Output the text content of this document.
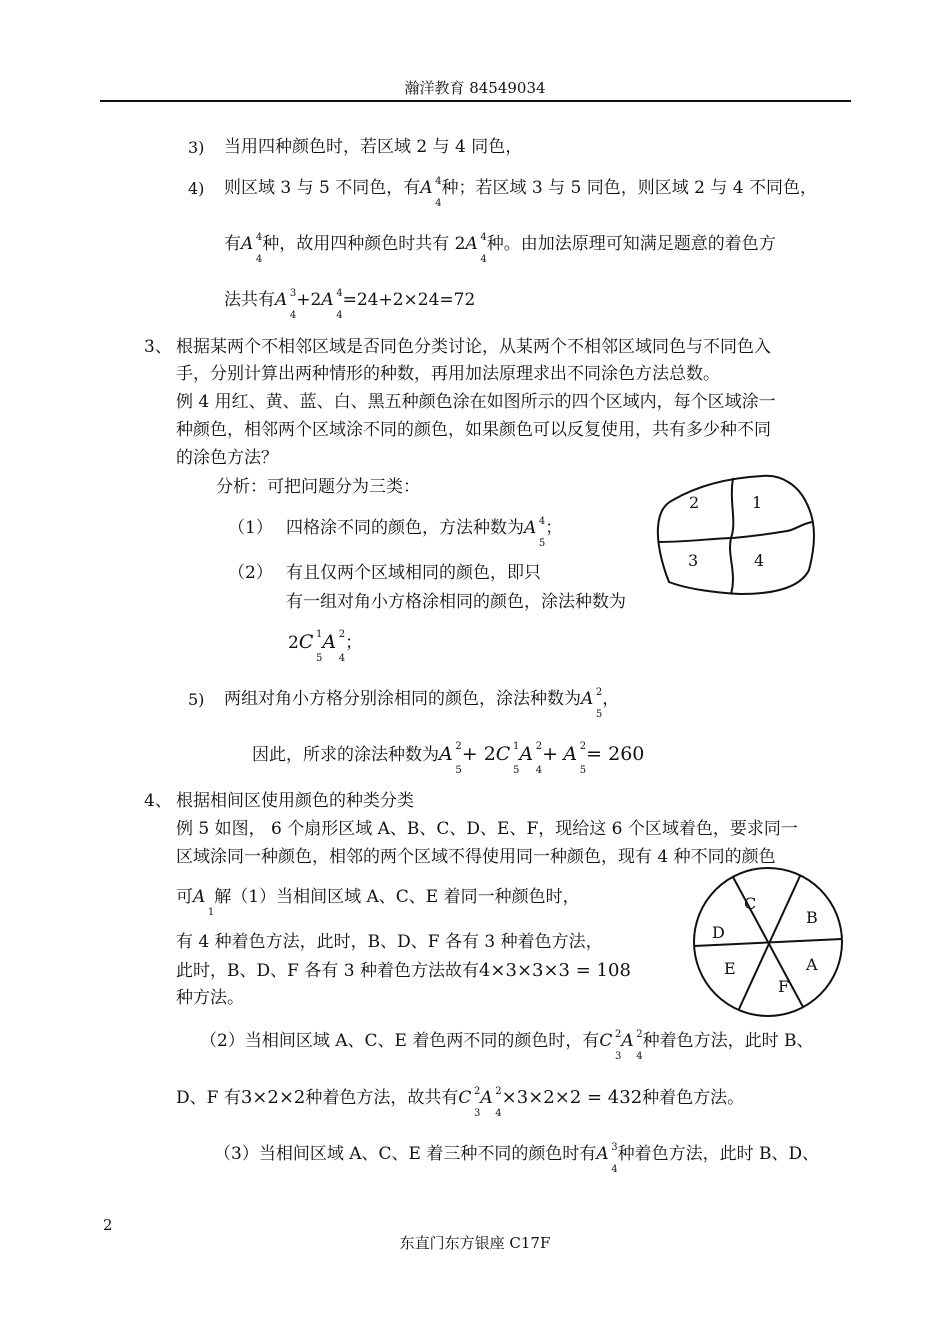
瀚洋教育 84549034
3) 当用四种颜色时，若区域 2 与 4 同色，
4) 则区域 3 与 5 不同色，有A 4
4
种；若区域 3 与 5 同色，则区域 2 与 4 不同色，
有A 4
4
种，故用四种颜色时共有 2A 4
4
种。由加法原理可知满足题意的着色方
法共有A 3
4
+2A 4
4
=24+2×24=72
3、 根据某两个不相邻区域是否同色分类讨论，从某两个不相邻区域同色与不同色入
手，分别计算出两种情形的种数，再用加法原理求出不同涂色方法总数。
例 4 用红、黄、蓝、白、黑五种颜色涂在如图所示的四个区域内，每个区域涂一
种颜色，相邻两个区域涂不同的颜色，如果颜色可以反复使用，共有多少种不同
的涂色方法？
分析：可把问题分为三类：
（1） 四格涂不同的颜色，方法种数为A 4
5
；
（2） 有且仅两个区域相同的颜色，即只
有一组对角小方格涂相同的颜色，涂法种数为
2C 1
5
A 2
4
；
2	1
3	4
5) 两组对角小方格分别涂相同的颜色，涂法种数为A 2
5
，
因此，所求的涂法种数为A 2
5
+ 2C 1
5
A 2
4
+ A 2
5
= 260
4、 根据相间区使用颜色的种类分类
例 5 如图， 6 个扇形区域 A、B、C、D、E、F，现给这 6 个区域着色，要求同一
区域涂同一种颜色，相邻的两个区域不得使用同一种颜色，现有 4 种不同的颜色
可A
1
解（1）当相间区域 A、C、E 着同一种颜色时，
有 4 种着色方法，此时，B、D、F 各有 3 种着色方法，
此时，B、D、F 各有 3 种着色方法故有4×3×3×3 = 108
种方法。
C
B
D
A
E
F
（2）当相间区域 A、C、E 着色两不同的颜色时，有C 2
3
A 2
4
种着色方法，此时 B、
D、F 有3×2×2种着色方法，故共有C 2
3
A 2
4
×3×2×2 = 432种着色方法。
（3）当相间区域 A、C、E 着三种不同的颜色时有A 3
4
种着色方法，此时 B、D、
2
东直门东方银座 C17F
